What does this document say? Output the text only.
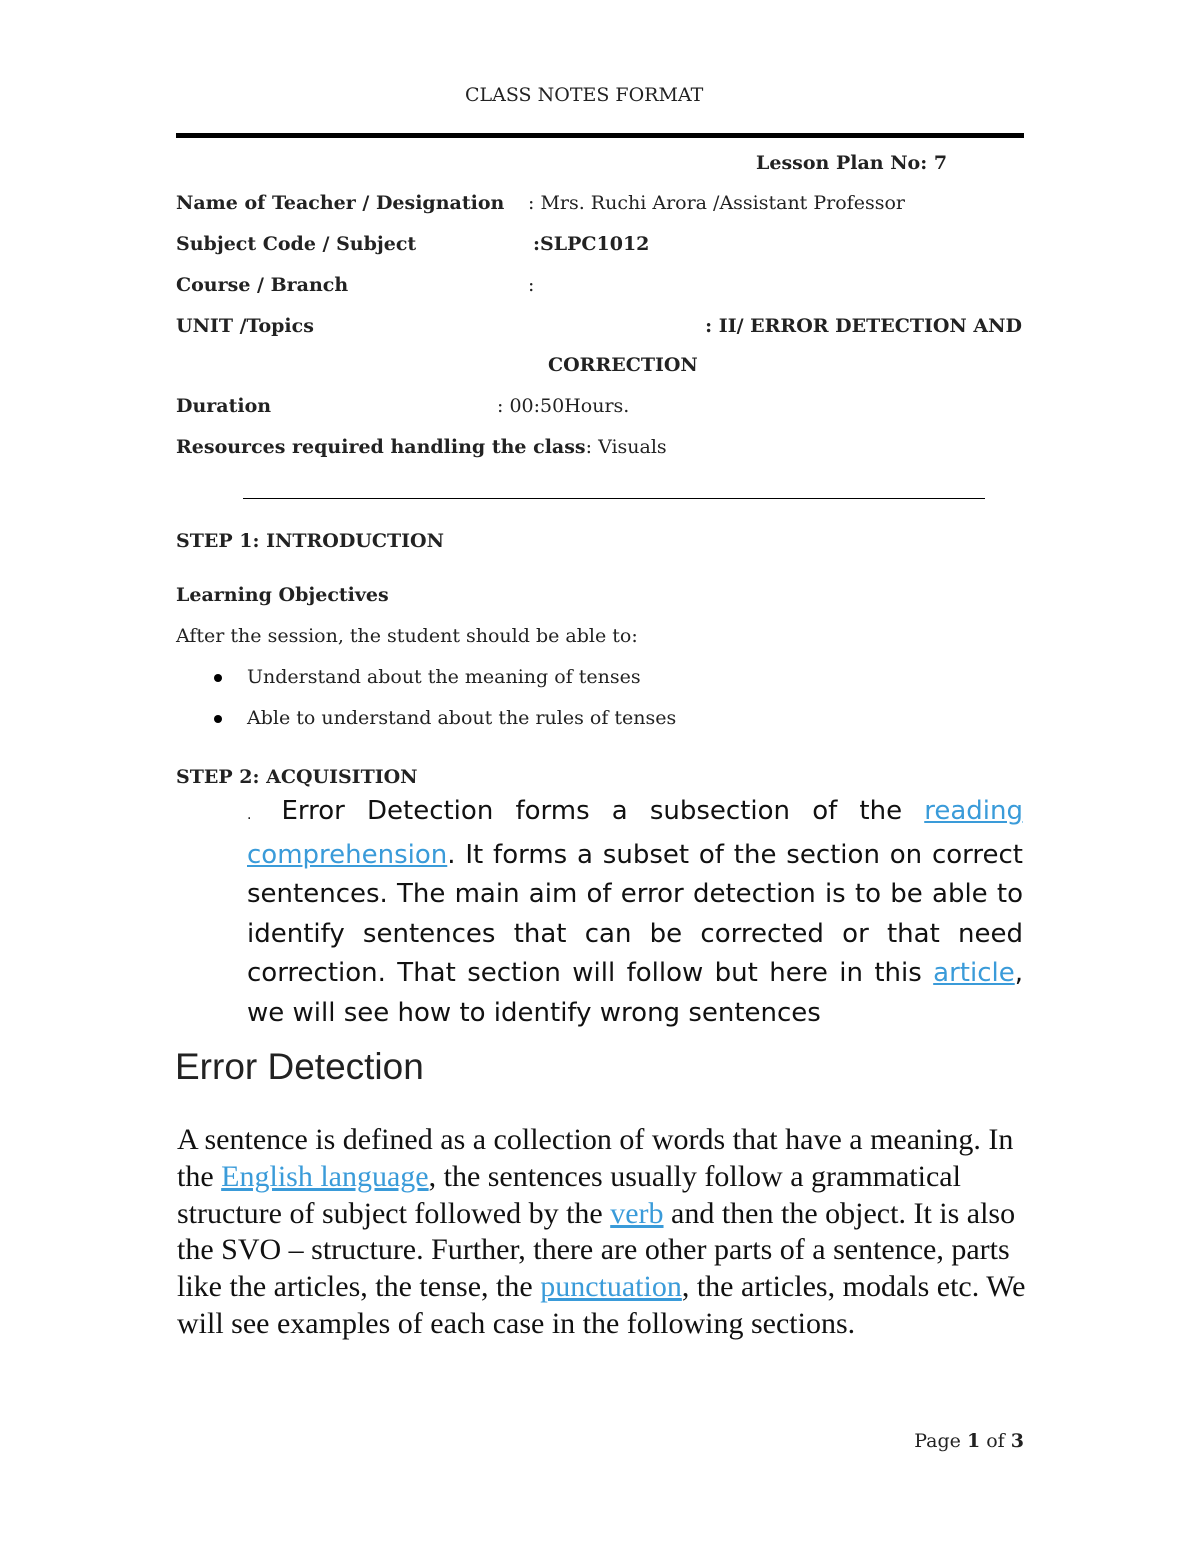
CLASS NOTES FORMAT
Lesson Plan No: 7
Name of Teacher / Designation : Mrs. Ruchi Arora /Assistant Professor
Subject Code / Subject	:SLPC1012
Course / Branch	:
UNIT /Topics	: II/ ERROR DETECTION AND
CORRECTION
Duration	: 00:50Hours.
Resources required handling the class: Visuals
STEP 1: INTRODUCTION
Learning Objectives
After the session, the student should be able to:
Understand about the meaning of tenses
Able to understand about the rules of tenses
STEP 2: ACQUISITION
. Error Detection forms a subsection of the reading comprehension. It forms a subset of the section on correct sentences. The main aim of error detection is to be able to identify sentences that can be corrected or that need correction. That section will follow but here in this article, we will see how to identify wrong sentences
Error Detection
A sentence is defined as a collection of words that have a meaning. In the English language, the sentences usually follow a grammatical structure of subject followed by the verb and then the object. It is also the SVO – structure. Further, there are other parts of a sentence, parts like the articles, the tense, the punctuation, the articles, modals etc. We will see examples of each case in the following sections.
Page 1 of 3
